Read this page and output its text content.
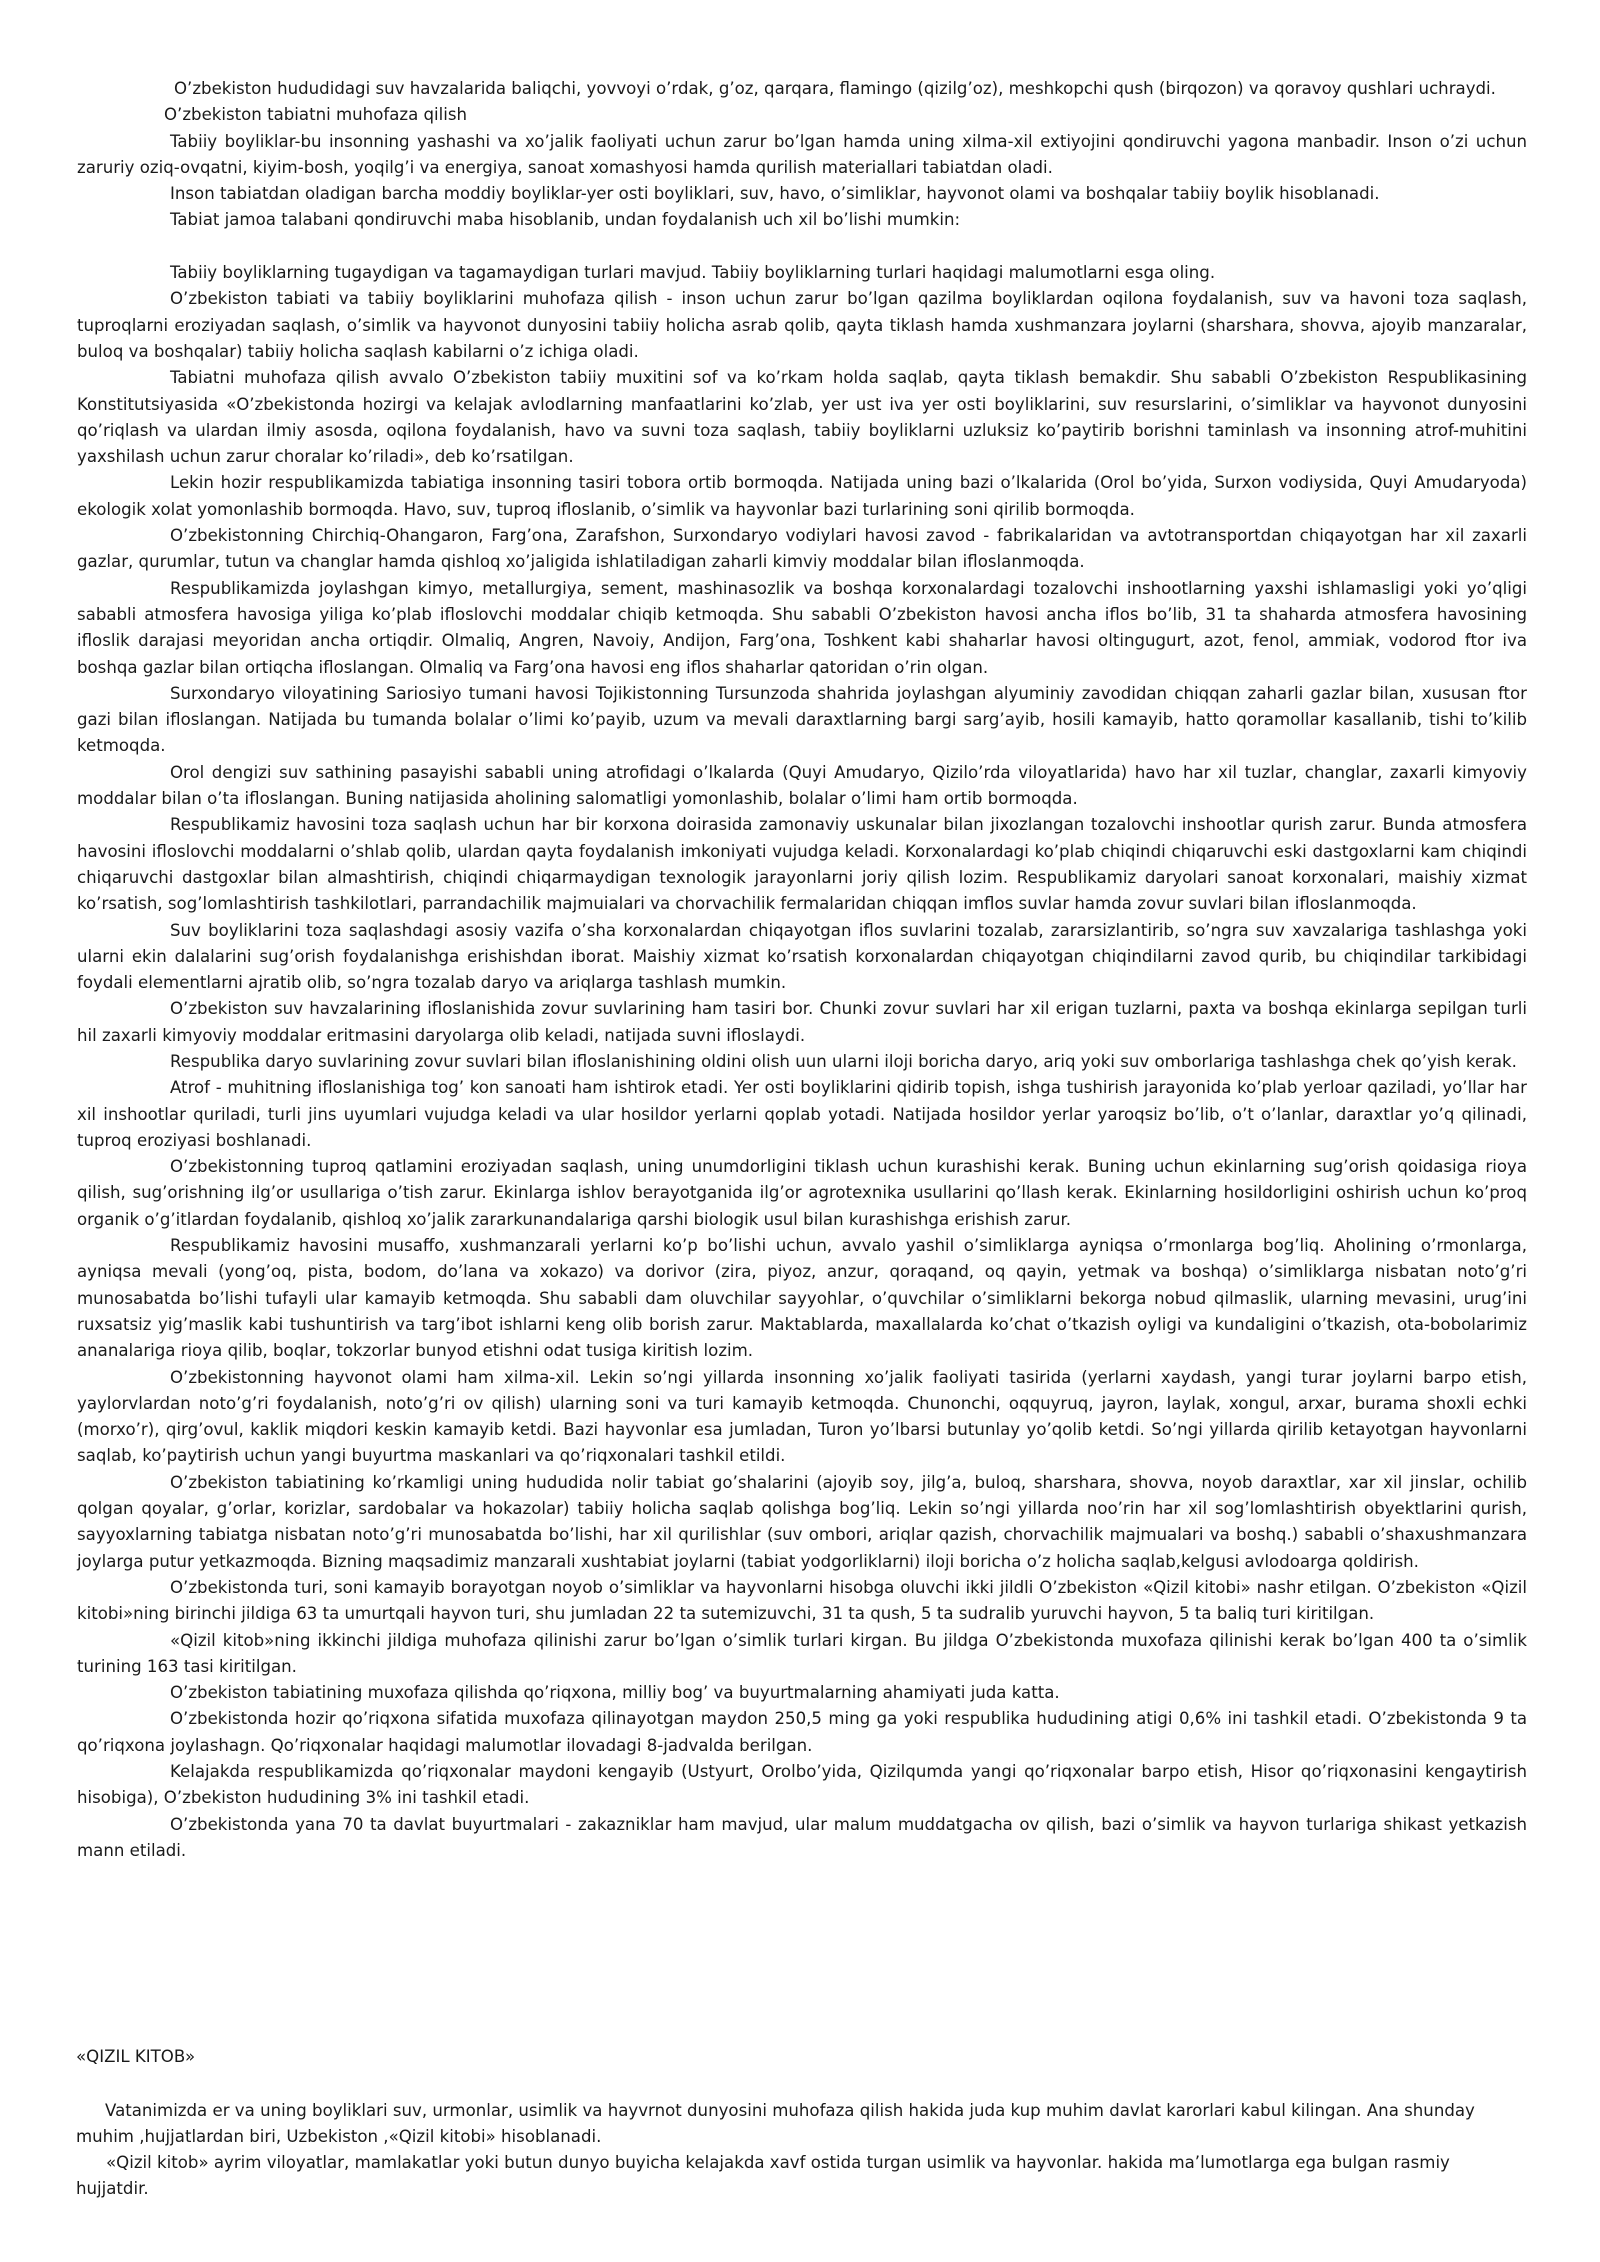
O’zbekiston hududidagi suv havzalarida baliqchi, yovvoyi o’rdak, g’oz, qarqara, flamingo (qizilg’oz), meshkopchi qush (birqozon) va qoravoy qushlari uchraydi.

O’zbekiston tabiatni muhofaza qilish

Tabiiy boyliklar-bu insonning yashashi va xo’jalik faoliyati uchun zarur bo’lgan hamda uning xilma-xil extiyojini qondiruvchi yagona manbadir. Inson o’zi uchun zaruriy oziq-ovqatni, kiyim-bosh, yoqilg’i va energiya, sanoat xomashyosi hamda qurilish materiallari tabiatdan oladi.

Inson tabiatdan oladigan barcha moddiy boyliklar-yer osti boyliklari, suv, havo, o’simliklar, hayvonot olami va boshqalar tabiiy boylik hisoblanadi.

Tabiat jamoa talabani qondiruvchi maba hisoblanib, undan foydalanish uch xil bo’lishi mumkin:

Tabiiy boyliklarning tugaydigan va tagamaydigan turlari mavjud. Tabiiy boyliklarning turlari haqidagi malumotlarni esga oling.

O’zbekiston tabiati va tabiiy boyliklarini muhofaza qilish - inson uchun zarur bo’lgan qazilma boyliklardan oqilona foydalanish, suv va havoni toza saqlash, tuproqlarni eroziyadan saqlash, o’simlik va hayvonot dunyosini tabiiy holicha asrab qolib, qayta tiklash hamda xushmanzara joylarni (sharshara, shovva, ajoyib manzaralar, buloq va boshqalar) tabiiy holicha saqlash kabilarni o’z ichiga oladi.

Tabiatni muhofaza qilish avvalo O’zbekiston tabiiy muxitini sof va ko’rkam holda saqlab, qayta tiklash bemakdir. Shu sababli O’zbekiston Respublikasining Konstitutsiyasida «O’zbekistonda hozirgi va kelajak avlodlarning manfaatlarini ko’zlab, yer ust iva yer osti boyliklarini, suv resurslarini, o’simliklar va hayvonot dunyosini qo’riqlash va ulardan ilmiy asosda, oqilona foydalanish, havo va suvni toza saqlash, tabiiy boyliklarni uzluksiz ko’paytirib borishni taminlash va insonning atrof-muhitini yaxshilash uchun zarur choralar ko’riladi», deb ko’rsatilgan.

Lekin hozir respublikamizda tabiatiga insonning tasiri tobora ortib bormoqda. Natijada uning bazi o’lkalarida (Orol bo’yida, Surxon vodiysida, Quyi Amudaryoda) ekologik xolat yomonlashib bormoqda. Havo, suv, tuproq ifloslanib, o’simlik va hayvonlar bazi turlarining soni qirilib bormoqda.

O’zbekistonning Chirchiq-Ohangaron, Farg’ona, Zarafshon, Surxondaryo vodiylari havosi zavod - fabrikalaridan va avtotransportdan chiqayotgan har xil zaxarli gazlar, qurumlar, tutun va changlar hamda qishloq xo’jaligida ishlatiladigan zaharli kimviy moddalar bilan ifloslanmoqda.

Respublikamizda joylashgan kimyo, metallurgiya, sement, mashinasozlik va boshqa korxonalardagi tozalovchi inshootlarning yaxshi ishlamasligi yoki yo’qligi sababli atmosfera havosiga yiliga ko’plab ifloslovchi moddalar chiqib ketmoqda. Shu sababli O’zbekiston havosi ancha iflos bo’lib, 31 ta shaharda atmosfera havosining ifloslik darajasi meyoridan ancha ortiqdir. Olmaliq, Angren, Navoiy, Andijon, Farg’ona, Toshkent kabi shaharlar havosi oltingugurt, azot, fenol, ammiak, vodorod ftor iva boshqa gazlar bilan ortiqcha ifloslangan. Olmaliq va Farg’ona havosi eng iflos shaharlar qatoridan o’rin olgan.

Surxondaryo viloyatining Sariosiyo tumani havosi Tojikistonning Tursunzoda shahrida joylashgan alyuminiy zavodidan chiqqan zaharli gazlar bilan, xususan ftor gazi bilan ifloslangan. Natijada bu tumanda bolalar o’limi ko’payib, uzum va mevali daraxtlarning bargi sarg’ayib, hosili kamayib, hatto qoramollar kasallanib, tishi to’kilib ketmoqda.

Orol dengizi suv sathining pasayishi sababli uning atrofidagi o’lkalarda (Quyi Amudaryo, Qizilo’rda viloyatlarida) havo har xil tuzlar, changlar, zaxarli kimyoviy moddalar bilan o’ta ifloslangan. Buning natijasida aholining salomatligi yomonlashib, bolalar o’limi ham ortib bormoqda.

Respublikamiz havosini toza saqlash uchun har bir korxona doirasida zamonaviy uskunalar bilan jixozlangan tozalovchi inshootlar qurish zarur. Bunda atmosfera havosini ifloslovchi moddalarni o’shlab qolib, ulardan qayta foydalanish imkoniyati vujudga keladi. Korxonalardagi ko’plab chiqindi chiqaruvchi eski dastgoxlarni kam chiqindi chiqaruvchi dastgoxlar bilan almashtirish, chiqindi chiqarmaydigan texnologik jarayonlarni joriy qilish lozim. Respublikamiz daryolari sanoat korxonalari, maishiy xizmat ko’rsatish, sog’lomlashtirish tashkilotlari, parrandachilik majmuialari va chorvachilik fermalaridan chiqqan imflos suvlar hamda zovur suvlari bilan ifloslanmoqda.

Suv boyliklarini toza saqlashdagi asosiy vazifa o’sha korxonalardan chiqayotgan iflos suvlarini tozalab, zararsizlantirib, so’ngra suv xavzalariga tashlashga yoki ularni ekin dalalarini sug’orish foydalanishga erishishdan iborat. Maishiy xizmat ko’rsatish korxonalardan chiqayotgan chiqindilarni zavod qurib, bu chiqindilar tarkibidagi foydali elementlarni ajratib olib, so’ngra tozalab daryo va ariqlarga tashlash mumkin.

O’zbekiston suv havzalarining ifloslanishida zovur suvlarining ham tasiri bor. Chunki zovur suvlari har xil erigan tuzlarni, paxta va boshqa ekinlarga sepilgan turli hil zaxarli kimyoviy moddalar eritmasini daryolarga olib keladi, natijada suvni ifloslaydi.

Respublika daryo suvlarining zovur suvlari bilan ifloslanishining oldini olish uun ularni iloji boricha daryo, ariq yoki suv omborlariga tashlashga chek qo’yish kerak.

Atrof - muhitning ifloslanishiga tog’ kon sanoati ham ishtirok etadi. Yer osti boyliklarini qidirib topish, ishga tushirish jarayonida ko’plab yerloar qaziladi, yo’llar har xil inshootlar quriladi, turli jins uyumlari vujudga keladi va ular hosildor yerlarni qoplab yotadi. Natijada hosildor yerlar yaroqsiz bo’lib, o’t o’lanlar, daraxtlar yo’q qilinadi, tuproq eroziyasi boshlanadi.

O’zbekistonning tuproq qatlamini eroziyadan saqlash, uning unumdorligini tiklash uchun kurashishi kerak. Buning uchun ekinlarning sug’orish qoidasiga rioya qilish, sug’orishning ilg’or usullariga o’tish zarur. Ekinlarga ishlov berayotganida ilg’or agrotexnika usullarini qo’llash kerak. Ekinlarning hosildorligini oshirish uchun ko’proq organik o’g’itlardan foydalanib, qishloq xo’jalik zararkunandalariga qarshi biologik usul bilan kurashishga erishish zarur.

Respublikamiz havosini musaffo, xushmanzarali yerlarni ko’p bo’lishi uchun, avvalo yashil o’simliklarga ayniqsa o’rmonlarga bog’liq. Aholining o’rmonlarga, ayniqsa mevali (yong’oq, pista, bodom, do’lana va xokazo) va dorivor (zira, piyoz, anzur, qoraqand, oq qayin, yetmak va boshqa) o’simliklarga nisbatan noto’g’ri munosabatda bo’lishi tufayli ular kamayib ketmoqda. Shu sababli dam oluvchilar sayyohlar, o’quvchilar o’simliklarni bekorga nobud qilmaslik, ularning mevasini, urug’ini ruxsatsiz yig’maslik kabi tushuntirish va targ’ibot ishlarni keng olib borish zarur. Maktablarda, maxallalarda ko’chat o’tkazish oyligi va kundaligini o’tkazish, ota-bobolarimiz ananalariga rioya qilib, boqlar, tokzorlar bunyod etishni odat tusiga kiritish lozim.

O’zbekistonning hayvonot olami ham xilma-xil. Lekin so’ngi yillarda insonning xo’jalik faoliyati tasirida (yerlarni xaydash, yangi turar joylarni barpo etish, yaylorvlardan noto’g’ri foydalanish, noto’g’ri ov qilish) ularning soni va turi kamayib ketmoqda. Chunonchi, oqquyruq, jayron, laylak, xongul, arxar, burama shoxli echki (morxo’r), qirg’ovul, kaklik miqdori keskin kamayib ketdi. Bazi hayvonlar esa jumladan, Turon yo’lbarsi butunlay yo’qolib ketdi. So’ngi yillarda qirilib ketayotgan hayvonlarni saqlab, ko’paytirish uchun yangi buyurtma maskanlari va qo’riqxonalari tashkil etildi.

O’zbekiston tabiatining ko’rkamligi uning hududida nolir tabiat go’shalarini (ajoyib soy, jilg’a, buloq, sharshara, shovva, noyob daraxtlar, xar xil jinslar, ochilib qolgan qoyalar, g’orlar, korizlar, sardobalar va hokazolar) tabiiy holicha saqlab qolishga bog’liq. Lekin so’ngi yillarda noo’rin har xil sog’lomlashtirish obyektlarini qurish, sayyoxlarning tabiatga nisbatan noto’g’ri munosabatda bo’lishi, har xil qurilishlar (suv ombori, ariqlar qazish, chorvachilik majmualari va boshq.) sababli o’shaxushmanzara joylarga putur yetkazmoqda. Bizning maqsadimiz manzarali xushtabiat joylarni (tabiat yodgorliklarni) iloji boricha o’z holicha saqlab,kelgusi avlodoarga qoldirish.

O’zbekistonda turi, soni kamayib borayotgan noyob o’simliklar va hayvonlarni hisobga oluvchi ikki jildli O’zbekiston «Qizil kitobi» nashr etilgan. O’zbekiston «Qizil kitobi»ning birinchi jildiga 63 ta umurtqali hayvon turi, shu jumladan 22 ta sutemizuvchi, 31 ta qush, 5 ta sudralib yuruvchi hayvon, 5 ta baliq turi kiritilgan.

«Qizil kitob»ning ikkinchi jildiga muhofaza qilinishi zarur bo’lgan o’simlik turlari kirgan. Bu jildga O’zbekistonda muxofaza qilinishi kerak bo’lgan 400 ta o’simlik turining 163 tasi kiritilgan.

O’zbekiston tabiatining muxofaza qilishda qo’riqxona, milliy bog’ va buyurtmalarning ahamiyati juda katta.

O’zbekistonda hozir qo’riqxona sifatida muxofaza qilinayotgan maydon 250,5 ming ga yoki respublika hududining atigi 0,6% ini tashkil etadi. O’zbekistonda 9 ta qo’riqxona joylashagn. Qo’riqxonalar haqidagi malumotlar ilovadagi 8-jadvalda berilgan.

Kelajakda respublikamizda qo’riqxonalar maydoni kengayib (Ustyurt, Orolbo’yida, Qizilqumda yangi qo’riqxonalar barpo etish, Hisor qo’riqxonasini kengaytirish hisobiga), O’zbekiston hududining 3% ini tashkil etadi.

O’zbekistonda yana 70 ta davlat buyurtmalari - zakazniklar ham mavjud, ular malum muddatgacha ov qilish, bazi o’simlik va hayvon turlariga shikast yetkazish mann etiladi.

«QIZIL KITOB»

Vatanimizda er va uning boyliklari suv, urmonlar, usimlik va hayvrnot dunyosini muhofaza qilish hakida juda kup muhim davlat karorlari kabul kilingan. Ana shunday muhim ,hujjatlardan biri, Uzbekiston ,«Qizil kitobi» hisoblanadi.

«Qizil kitob» ayrim viloyatlar, mamlakatlar yoki butun dunyo buyicha kelajakda xavf ostida turgan usimlik va hayvonlar. hakida ma’lumotlarga ega bulgan rasmiy hujjatdir.
